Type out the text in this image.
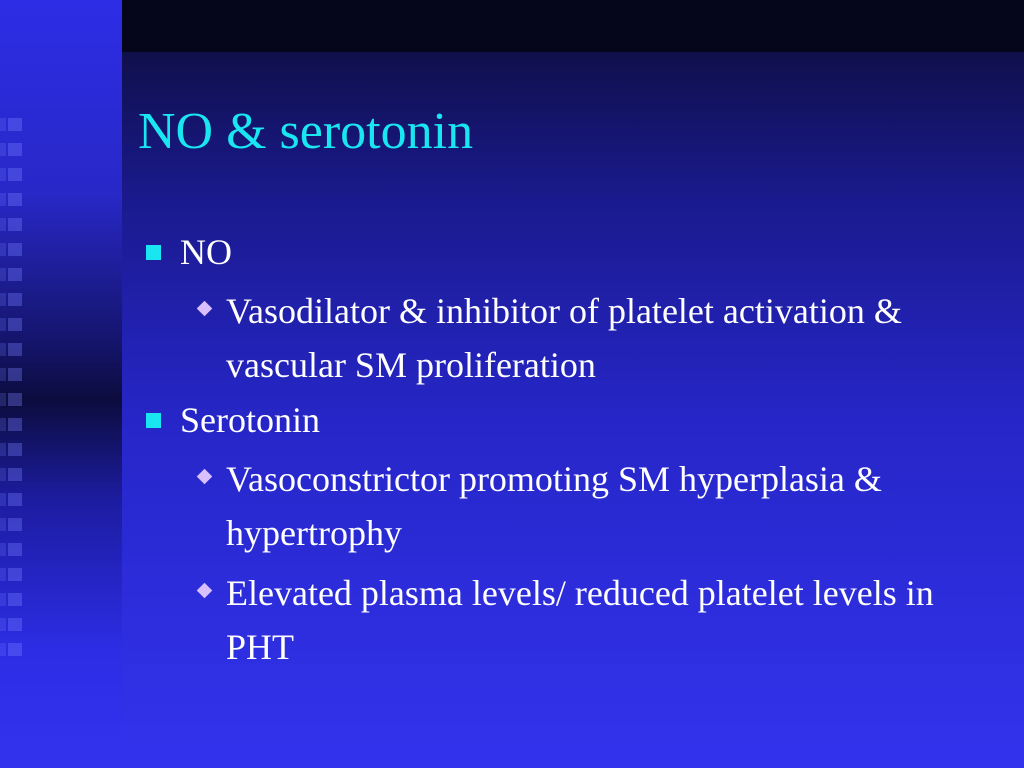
NO & serotonin
NO
Vasodilator & inhibitor of platelet activation & vascular SM proliferation
Serotonin
Vasoconstrictor promoting SM hyperplasia & hypertrophy
Elevated plasma levels/ reduced platelet levels in PHT
